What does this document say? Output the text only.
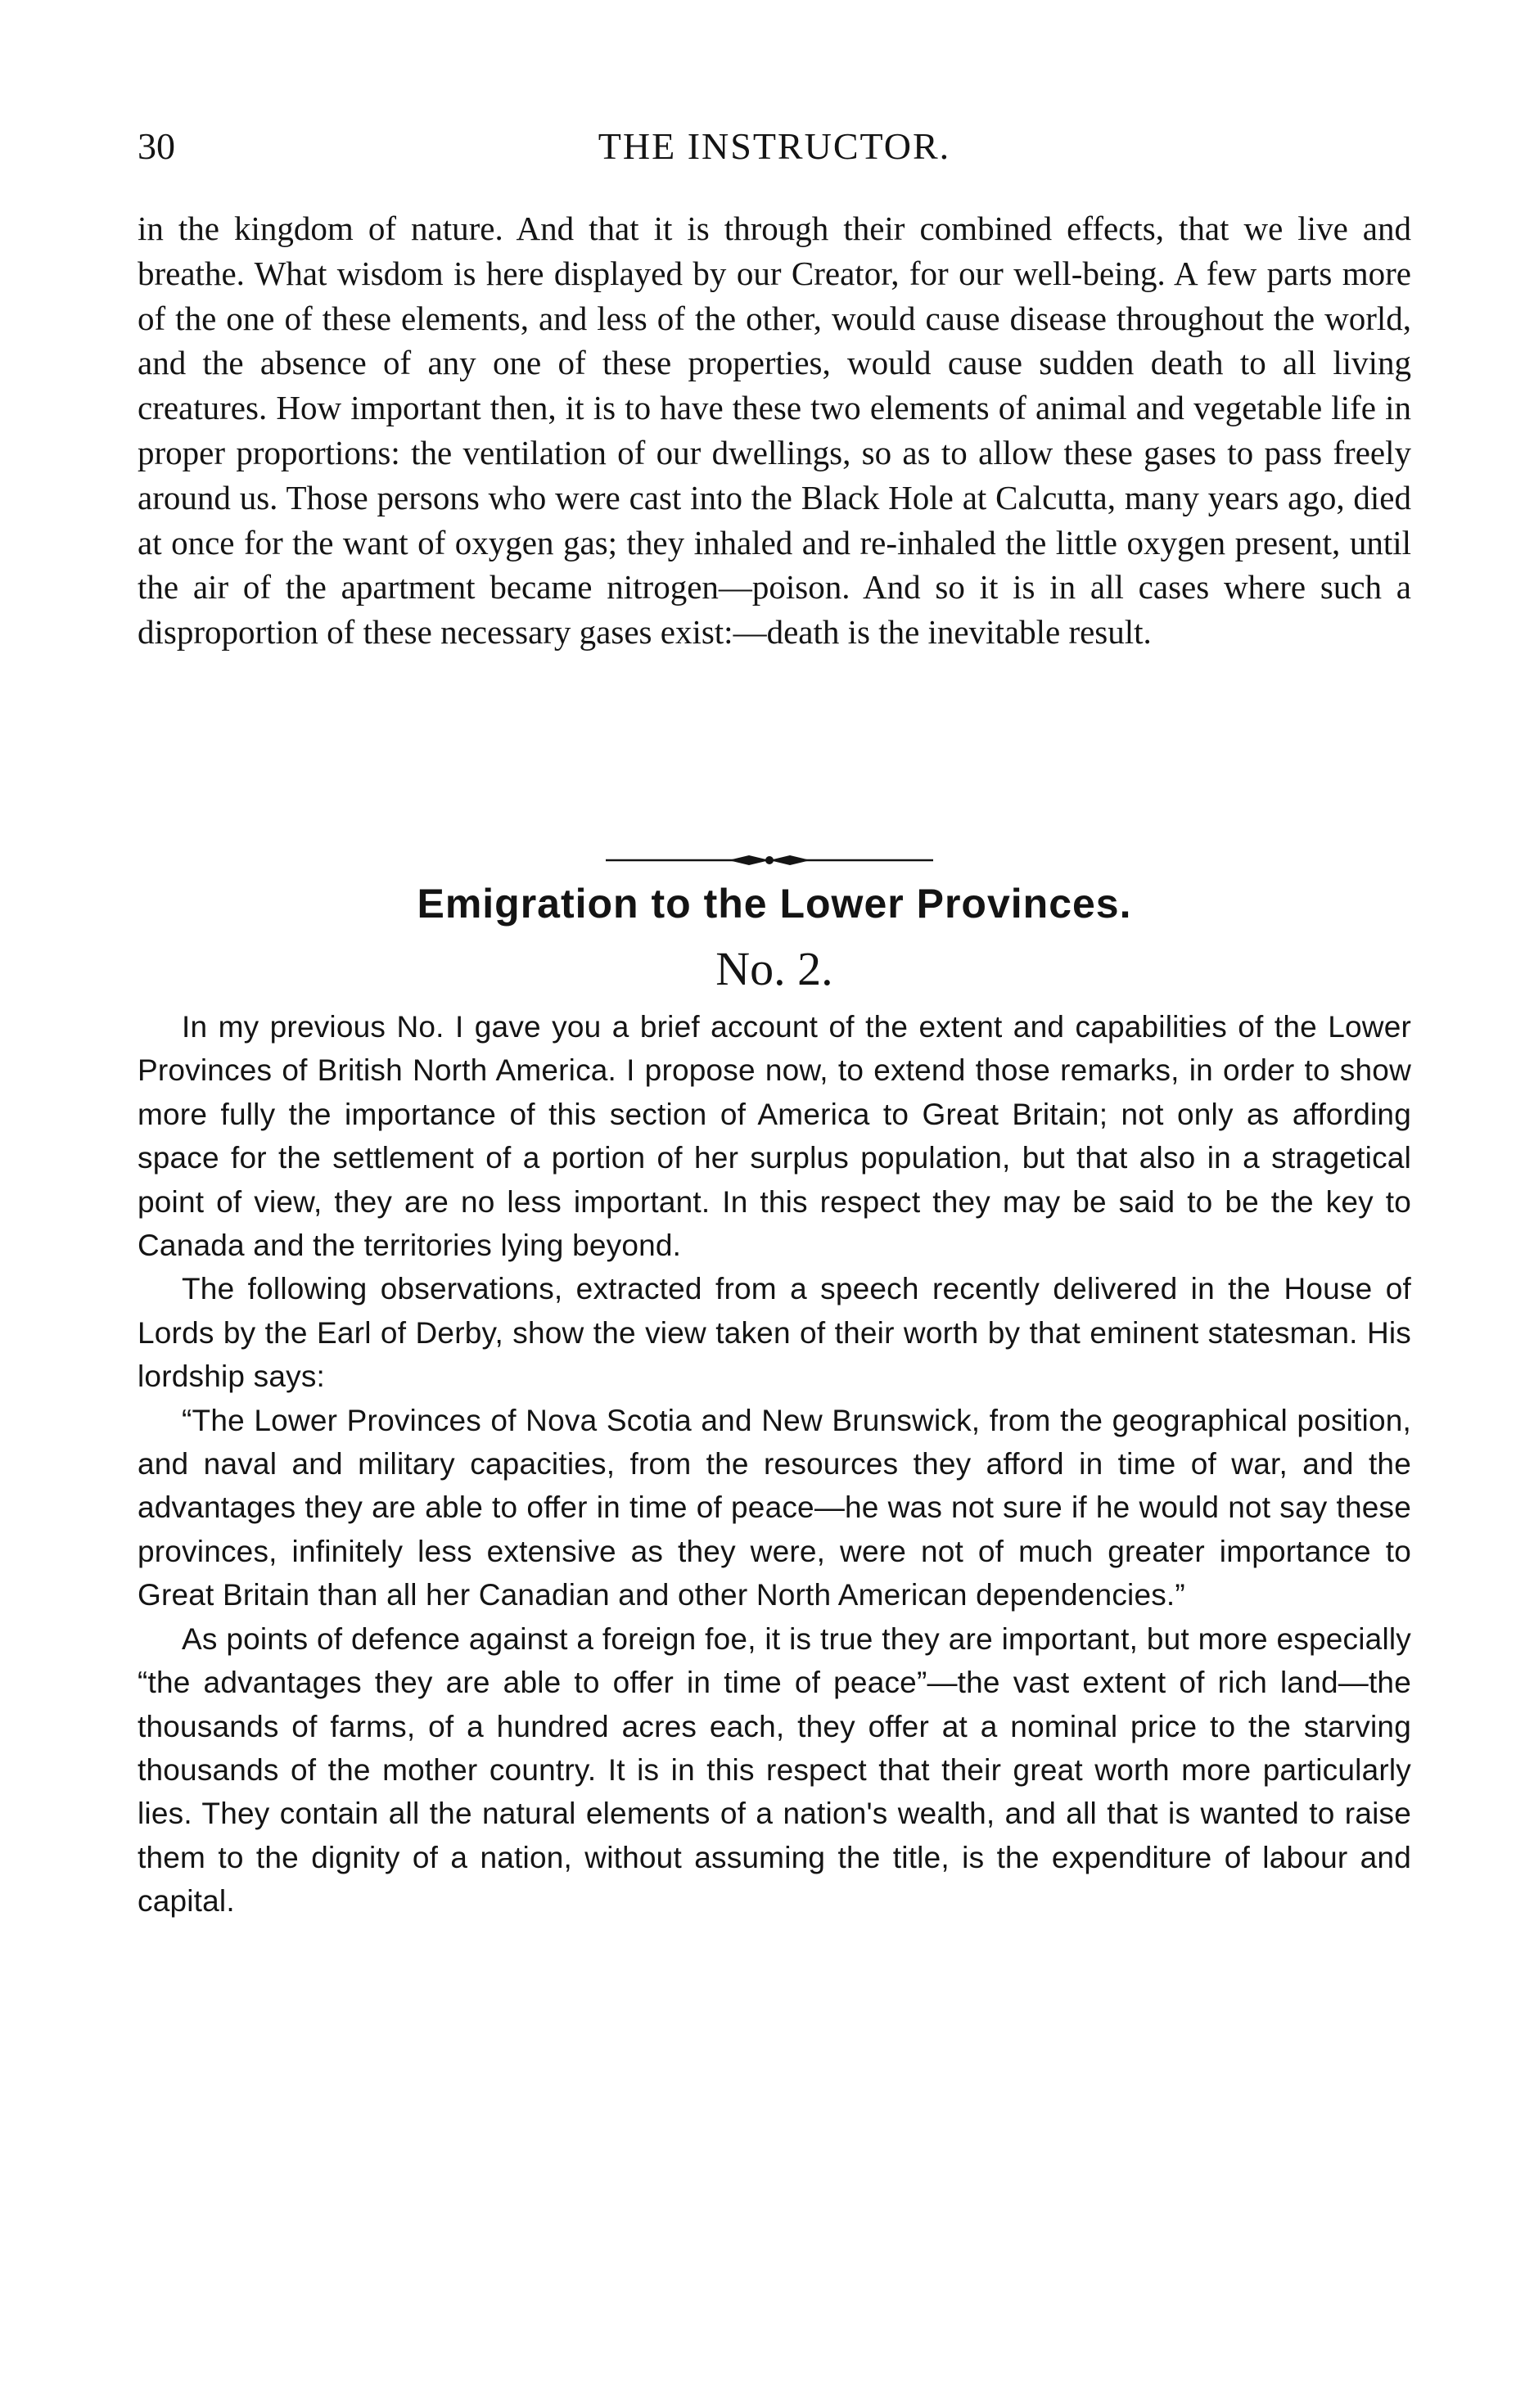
30	THE INSTRUCTOR.

in the kingdom of nature. And that it is through their combined effects, that we live and breathe. What wisdom is here displayed by our Creator, for our well-being. A few parts more of the one of these elements, and less of the other, would cause disease throughout the world, and the absence of any one of these properties, would cause sudden death to all living creatures. How important then, it is to have these two elements of animal and vegetable life in proper proportions: the ventilation of our dwellings, so as to allow these gases to pass freely around us. Those persons who were cast into the Black Hole at Calcutta, many years ago, died at once for the want of oxygen gas; they inhaled and re-inhaled the little oxygen present, until the air of the apartment became nitrogen—poison. And so it is in all cases where such a disproportion of these necessary gases exist:—death is the inevitable result.

Emigration to the Lower Provinces.
No. 2.

In my previous No. I gave you a brief account of the extent and capabilities of the Lower Provinces of British North America. I propose now, to extend those remarks, in order to show more fully the importance of this section of America to Great Britain; not only as affording space for the settlement of a portion of her surplus population, but that also in a stragetical point of view, they are no less important. In this respect they may be said to be the key to Canada and the territories lying beyond.

The following observations, extracted from a speech recently delivered in the House of Lords by the Earl of Derby, show the view taken of their worth by that eminent statesman. His lordship says:

“The Lower Provinces of Nova Scotia and New Brunswick, from the geographical position, and naval and military capacities, from the resources they afford in time of war, and the advantages they are able to offer in time of peace—he was not sure if he would not say these provinces, infinitely less extensive as they were, were not of much greater importance to Great Britain than all her Canadian and other North American dependencies.”

As points of defence against a foreign foe, it is true they are important, but more especially “the advantages they are able to offer in time of peace”—the vast extent of rich land—the thousands of farms, of a hundred acres each, they offer at a nominal price to the starving thousands of the mother country. It is in this respect that their great worth more particularly lies. They contain all the natural elements of a nation's wealth, and all that is wanted to raise them to the dignity of a nation, without assuming the title, is the expenditure of labour and capital.
